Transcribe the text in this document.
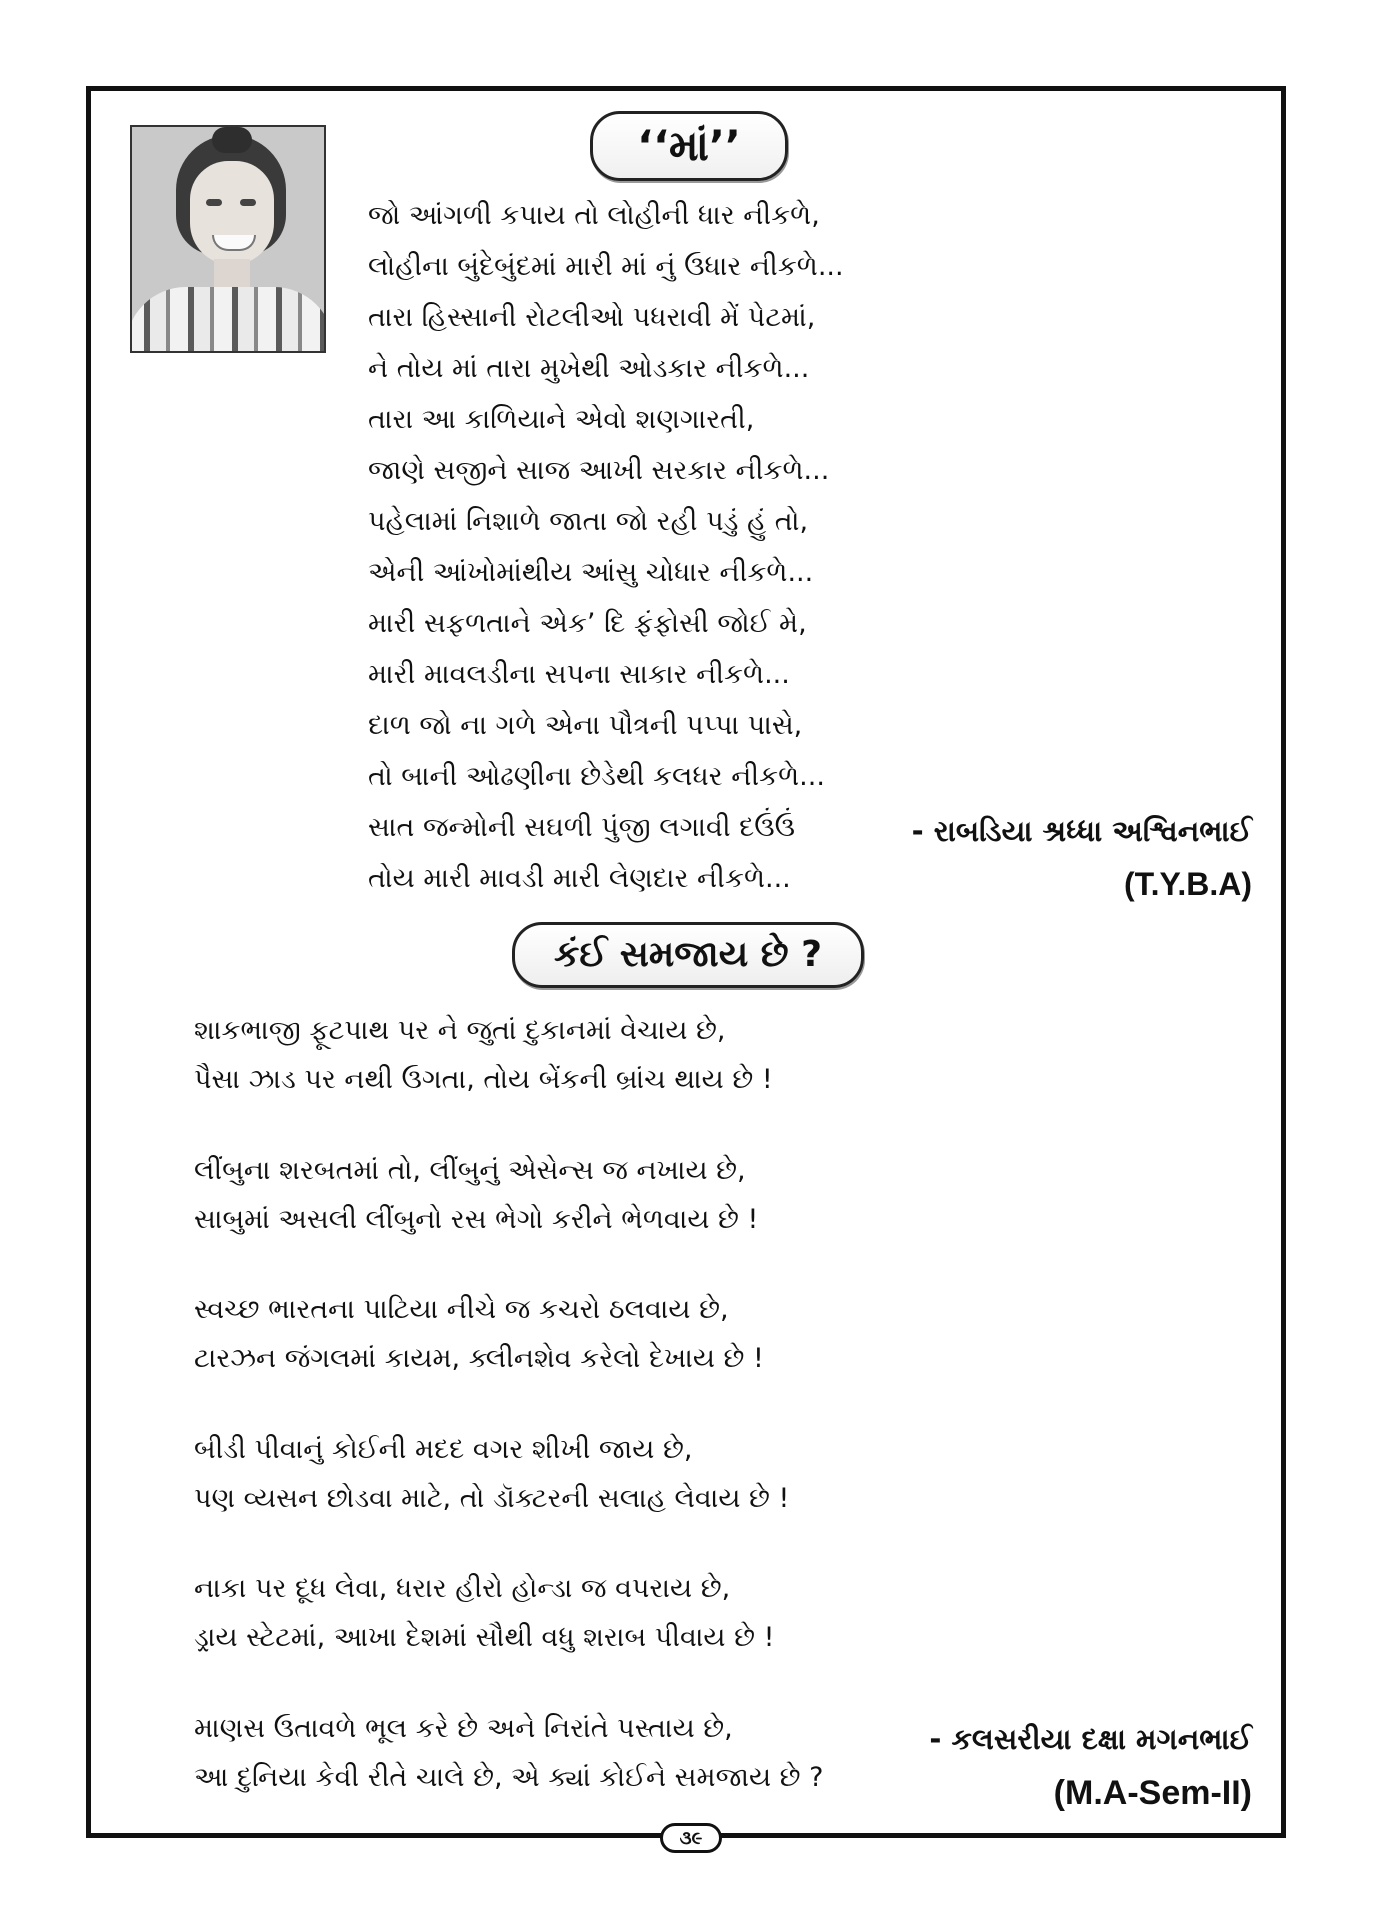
‘‘માં’’
જો આંગળી કપાય તો લોહીની ધાર નીકળે,
લોહીના બુંદેબુંદમાં મારી માં નું ઉધાર નીકળે...
તારા હિસ્સાની રોટલીઓ પધરાવી મેં પેટમાં,
ને તોય માં તારા મુખેથી ઓડકાર નીકળે...
તારા આ કાળિયાને એવો શણગારતી,
જાણે સજીને સાજ આખી સરકાર નીકળે...
પહેલામાં નિશાળે જાતા જો રહી પડું હું તો,
એની આંખોમાંથીય આંસુ ચોધાર નીકળે...
મારી સફળતાને એક’ દિ ફંફોસી જોઈ મે,
મારી માવલડીના સપના સાકાર નીકળે...
દાળ જો ના ગળે એના પૌત્રની પપ્પા પાસે,
તો બાની ઓઢણીના છેડેથી કલધર નીકળે...
સાત જન્મોની સઘળી પુંજી લગાવી દઉંઉં
તોય મારી માવડી મારી લેણદાર નીકળે...
- રાબડિયા શ્રધ્ધા અશ્વિનભાઈ
(T.Y.B.A)
કંઈ સમજાય છે ?
શાકભાજી ફૂટપાથ પર ને જુતાં દુકાનમાં વેચાય છે,
પૈસા ઝાડ પર નથી ઉગતા, તોય બેંકની બ્રાંચ થાય છે !
લીંબુના શરબતમાં તો, લીંબુનું એસેન્સ જ નખાય છે,
સાબુમાં અસલી લીંબુનો રસ ભેગો કરીને ભેળવાય છે !
સ્વચ્છ ભારતના પાટિયા નીચે જ કચરો ઠલવાય છે,
ટારઝન જંગલમાં કાયમ, ક્લીનશેવ કરેલો દેખાય છે !
બીડી પીવાનું કોઈની મદદ વગર શીખી જાય છે,
પણ વ્યસન છોડવા માટે, તો ડૉક્ટરની સલાહ લેવાય છે !
નાકા પર દૂધ લેવા, ધરાર હીરો હોન્ડા જ વપરાય છે,
ડ્રાય સ્ટેટમાં, આખા દેશમાં સૌથી વધુ શરાબ પીવાય છે !
માણસ ઉતાવળે ભૂલ કરે છે અને નિરાંતે પસ્તાય છે,
આ દુનિયા કેવી રીતે ચાલે છે, એ ક્યાં કોઈને સમજાય છે ?
- કલસરીયા દક્ષા મગનભાઈ
(M.A-Sem-II)
૩૯
